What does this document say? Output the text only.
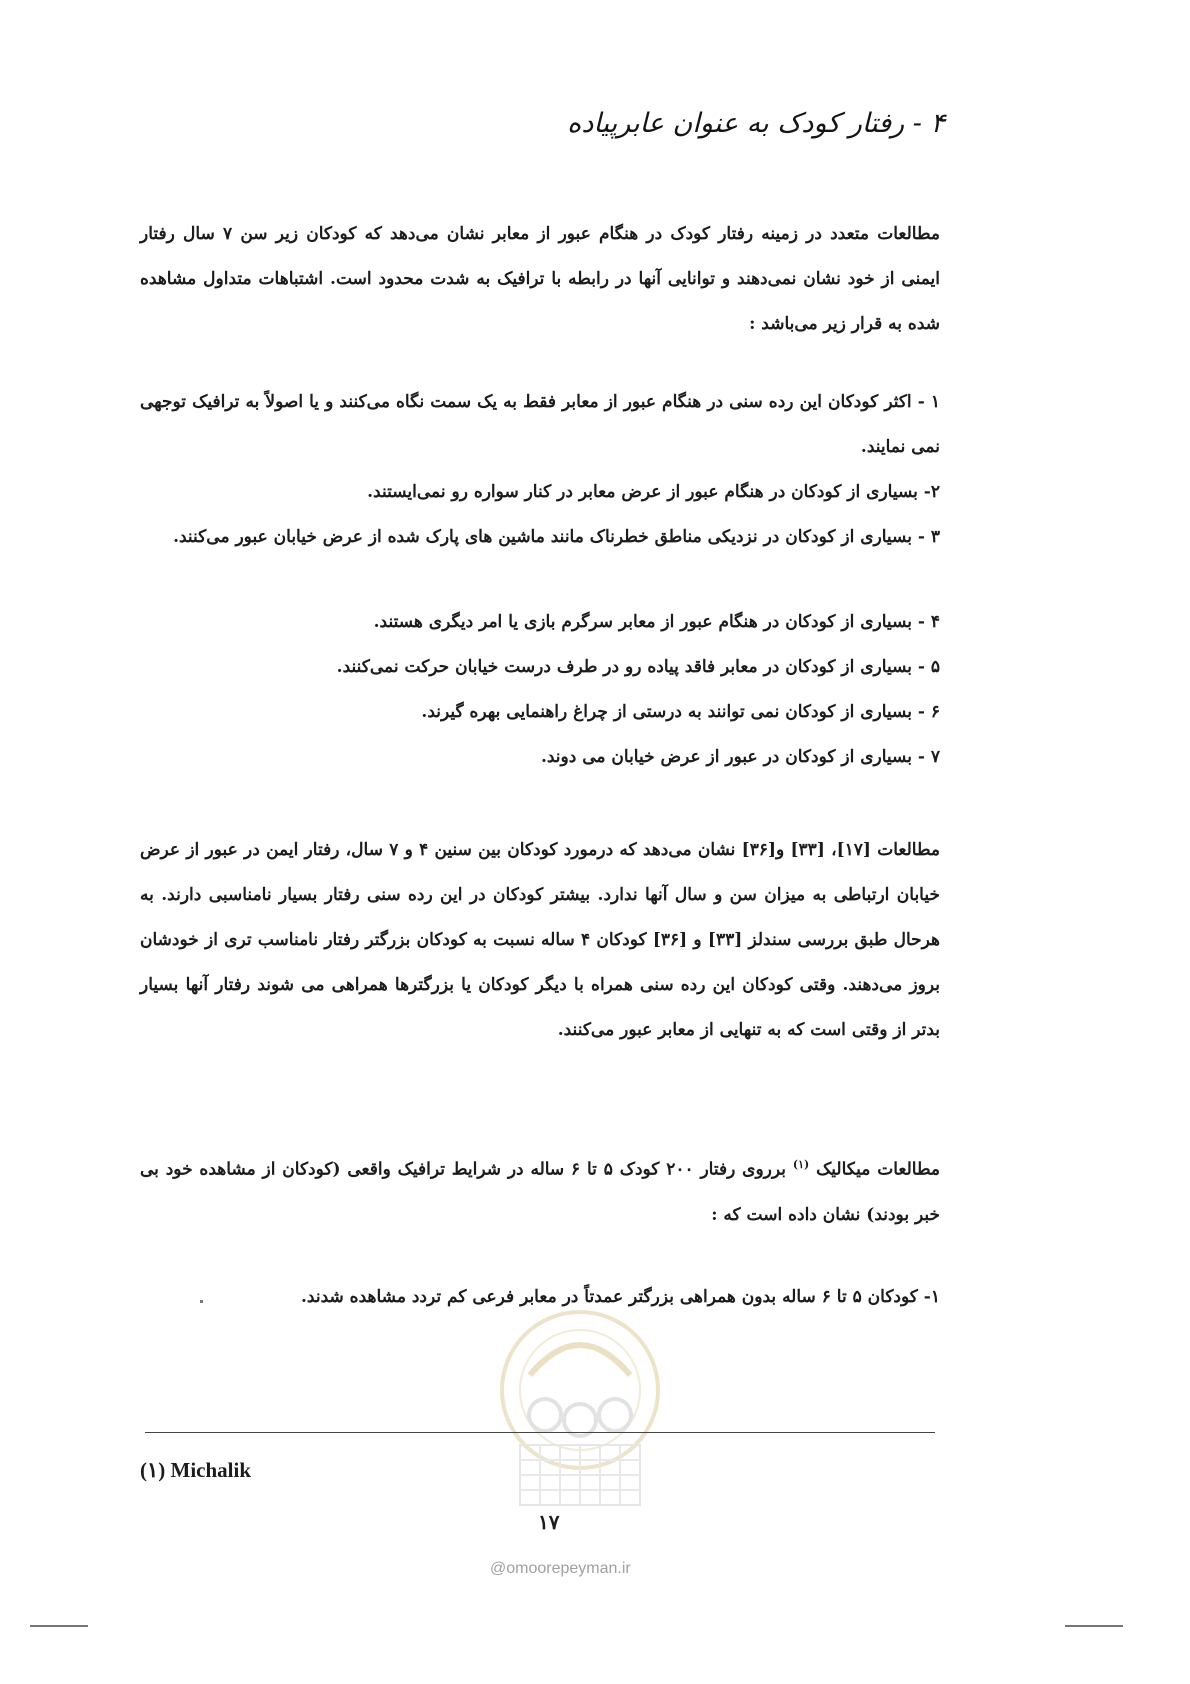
۴ - رفتار کودک به عنوان عابرپیاده

مطالعات متعدد در زمینه رفتار کودک در هنگام عبور از معابر نشان می‌دهد که کودکان زیر سن ۷ سال رفتار ایمنی از خود نشان نمی‌دهند و توانایی آنها در رابطه با ترافیک به شدت محدود است. اشتباهات متداول مشاهده شده به قرار زیر می‌باشد :

۱ - اکثر کودکان این رده سنی در هنگام عبور از معابر فقط به یک سمت نگاه می‌کنند و یا اصولاً به ترافیک توجهی نمی نمایند.

۲- بسیاری از کودکان در هنگام عبور از عرض معابر در کنار سواره رو نمی‌ایستند.

۳ - بسیاری از کودکان در نزدیکی مناطق خطرناک مانند ماشین های پارک شده از عرض خیابان عبور می‌کنند.

۴ - بسیاری از کودکان در هنگام عبور از معابر سرگرم بازی یا امر دیگری هستند.
۵ - بسیاری از کودکان در معابر فاقد پیاده رو در طرف درست خیابان حرکت نمی‌کنند.
۶ - بسیاری از کودکان نمی توانند به درستی از چراغ راهنمایی بهره گیرند.
۷ - بسیاری از کودکان در عبور از عرض خیابان می دوند.

مطالعات [۱۷]، [۳۳] و[۳۶] نشان می‌دهد که درمورد کودکان بین سنین ۴ و ۷ سال، رفتار ایمن در عبور از عرض خیابان ارتباطی به میزان سن و سال آنها ندارد. بیشتر کودکان در این رده سنی رفتار بسیار نامناسبی دارند. به هرحال طبق بررسی سندلز [۳۳] و [۳۶] کودکان ۴ ساله نسبت به کودکان بزرگتر رفتار نامناسب تری از خودشان بروز می‌دهند. وقتی کودکان این رده سنی همراه با دیگر کودکان یا بزرگترها همراهی می شوند رفتار آنها بسیار بدتر از وقتی است که به تنهایی از معابر عبور می‌کنند.

مطالعات میکالیک $^{(۱)}$ برروی رفتار ۲۰۰ کودک ۵ تا ۶ ساله در شرایط ترافیک واقعی (کودکان از مشاهده خود بی خبر بودند) نشان داده است که :

۱- کودکان ۵ تا ۶ ساله بدون همراهی بزرگتر عمدتاً در معابر فرعی کم تردد مشاهده شدند.

@omoorepeyman.ir
(۱) Michalik
۱۷
